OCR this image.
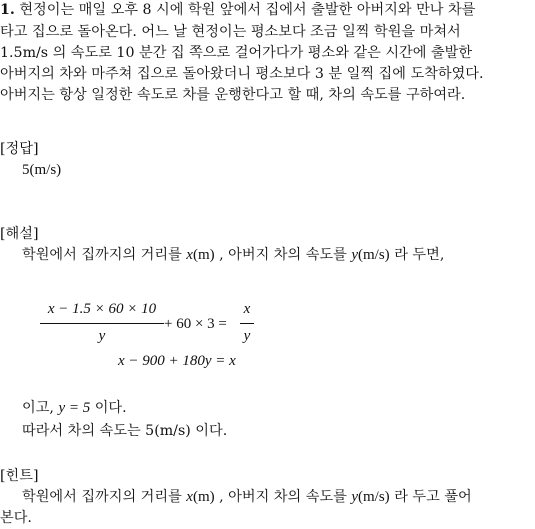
1. 현정이는 매일 오후 8 시에 학원 앞에서 집에서 출발한 아버지와 만나 차를
타고 집으로 돌아온다. 어느 날 현정이는 평소보다 조금 일찍 학원을 마쳐서
1.5m/s 의 속도로 10 분간 집 쪽으로 걸어가다가 평소와 같은 시간에 출발한
아버지의 차와 마주쳐 집으로 돌아왔더니 평소보다 3 분 일찍 집에 도착하였다.
아버지는 항상 일정한 속도로 차를 운행한다고 할 때, 차의 속도를 구하여라.
[정답]
5(m/s)
[해설]
학원에서 집까지의 거리를 x(m) , 아버지 차의 속도를 y(m/s) 라 두면,
x − 1.5 × 60 × 10
y
+ 60 × 3 =
x
y
x − 900 + 180y = x
이고, y = 5 이다.
따라서 차의 속도는 5(m/s) 이다.
[힌트]
학원에서 집까지의 거리를 x(m) , 아버지 차의 속도를 y(m/s) 라 두고 풀어
본다.
